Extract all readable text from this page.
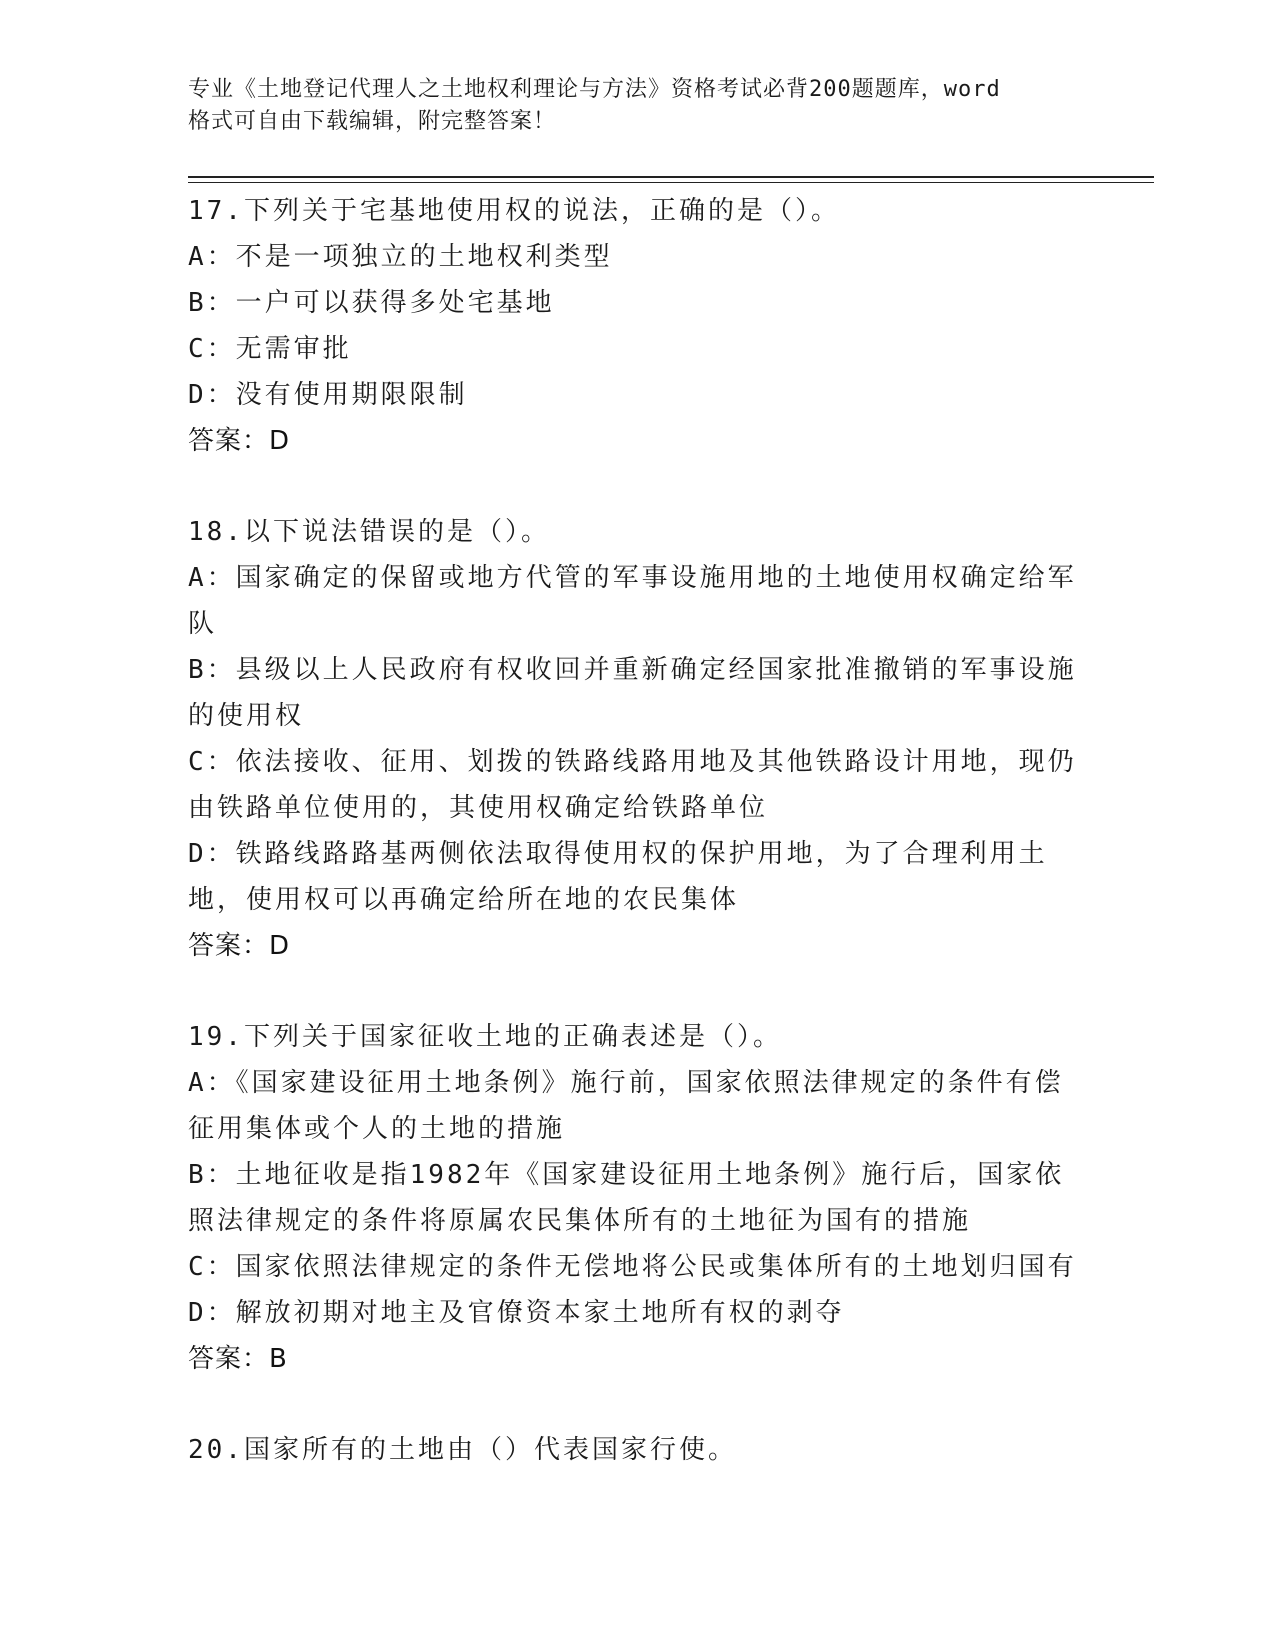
专业《土地登记代理人之土地权利理论与方法》资格考试必背200题题库，word
格式可自由下载编辑，附完整答案！
17.下列关于宅基地使用权的说法，正确的是（）。
A：不是一项独立的土地权利类型
B：一户可以获得多处宅基地
C：无需审批
D：没有使用期限限制
答案：D
18.以下说法错误的是（）。
A：国家确定的保留或地方代管的军事设施用地的土地使用权确定给军队
B：县级以上人民政府有权收回并重新确定经国家批准撤销的军事设施的使用权
C：依法接收、征用、划拨的铁路线路用地及其他铁路设计用地，现仍由铁路单位使用的，其使用权确定给铁路单位
D：铁路线路路基两侧依法取得使用权的保护用地，为了合理利用土地，使用权可以再确定给所在地的农民集体
答案：D
19.下列关于国家征收土地的正确表述是（）。
A：《国家建设征用土地条例》施行前，国家依照法律规定的条件有偿征用集体或个人的土地的措施
B：土地征收是指1982年《国家建设征用土地条例》施行后，国家依照法律规定的条件将原属农民集体所有的土地征为国有的措施
C：国家依照法律规定的条件无偿地将公民或集体所有的土地划归国有
D：解放初期对地主及官僚资本家土地所有权的剥夺
答案：B
20.国家所有的土地由（）代表国家行使。
